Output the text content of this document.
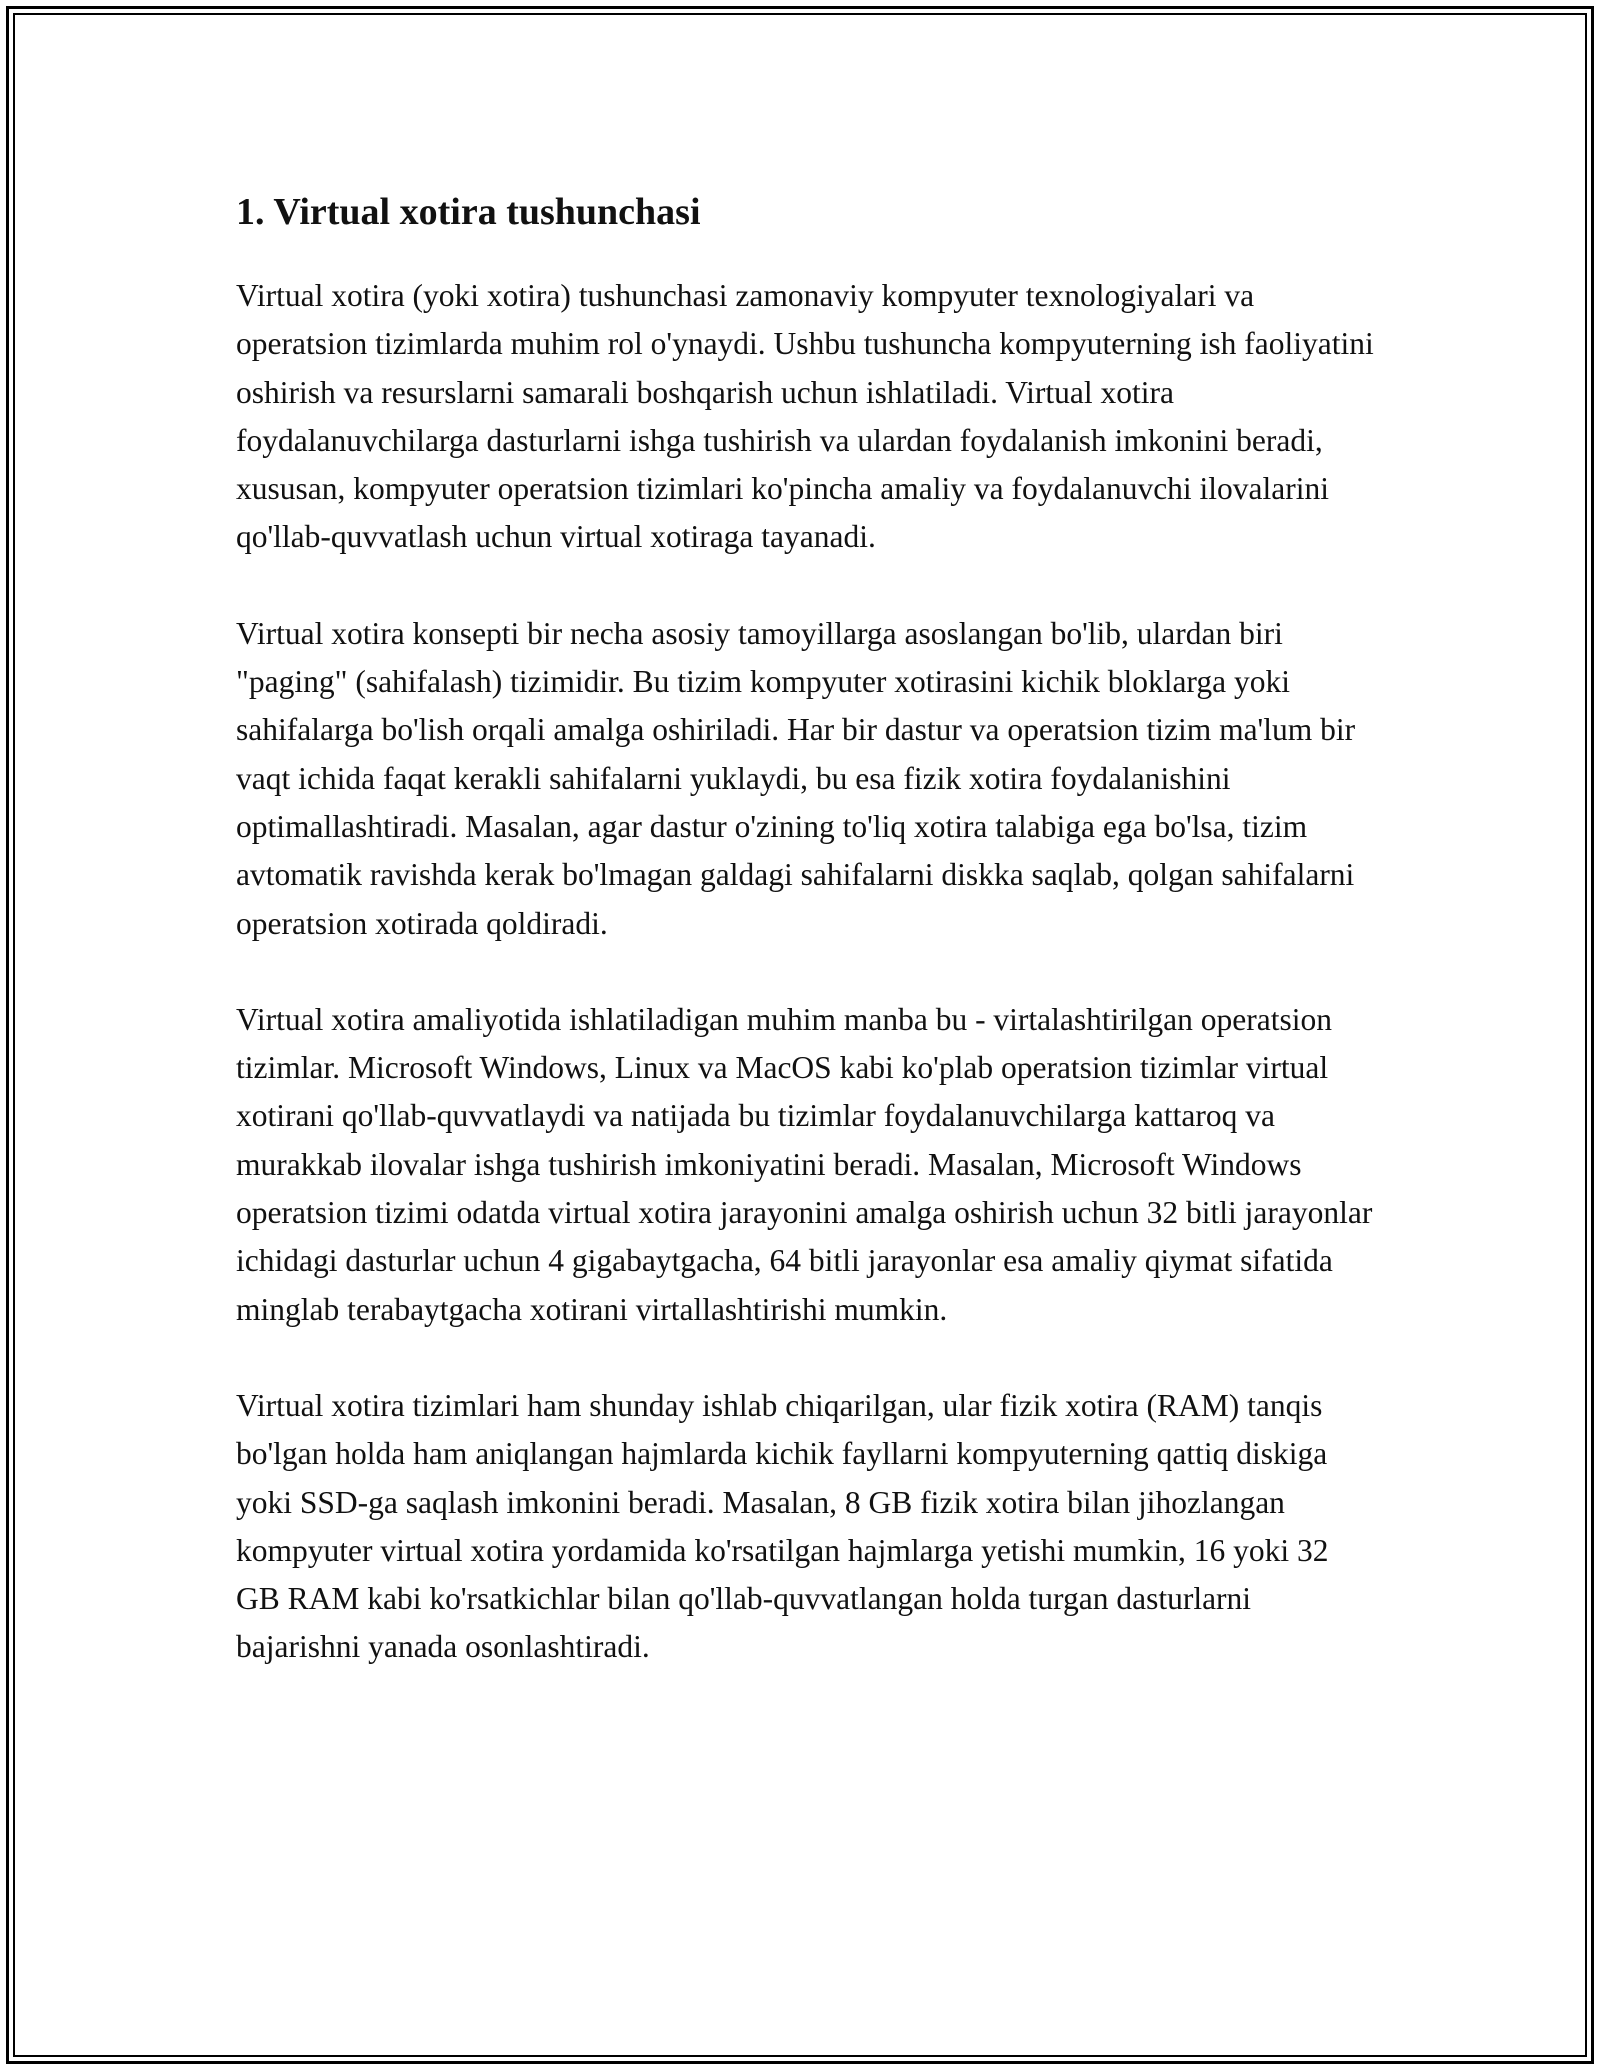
1. Virtual xotira tushunchasi

Virtual xotira (yoki xotira) tushunchasi zamonaviy kompyuter texnologiyalari va operatsion tizimlarda muhim rol o'ynaydi. Ushbu tushuncha kompyuterning ish faoliyatini oshirish va resurslarni samarali boshqarish uchun ishlatiladi. Virtual xotira foydalanuvchilarga dasturlarni ishga tushirish va ulardan foydalanish imkonini beradi, xususan, kompyuter operatsion tizimlari ko'pincha amaliy va foydalanuvchi ilovalarini qo'llab-quvvatlash uchun virtual xotiraga tayanadi.

Virtual xotira konsepti bir necha asosiy tamoyillarga asoslangan bo'lib, ulardan biri "paging" (sahifalash) tizimidir. Bu tizim kompyuter xotirasini kichik bloklarga yoki sahifalarga bo'lish orqali amalga oshiriladi. Har bir dastur va operatsion tizim ma'lum bir vaqt ichida faqat kerakli sahifalarni yuklaydi, bu esa fizik xotira foydalanishini optimallashtiradi. Masalan, agar dastur o'zining to'liq xotira talabiga ega bo'lsa, tizim avtomatik ravishda kerak bo'lmagan galdagi sahifalarni diskka saqlab, qolgan sahifalarni operatsion xotirada qoldiradi.

Virtual xotira amaliyotida ishlatiladigan muhim manba bu - virtalashtirilgan operatsion tizimlar. Microsoft Windows, Linux va MacOS kabi ko'plab operatsion tizimlar virtual xotirani qo'llab-quvvatlaydi va natijada bu tizimlar foydalanuvchilarga kattaroq va murakkab ilovalar ishga tushirish imkoniyatini beradi. Masalan, Microsoft Windows operatsion tizimi odatda virtual xotira jarayonini amalga oshirish uchun 32 bitli jarayonlar ichidagi dasturlar uchun 4 gigabaytgacha, 64 bitli jarayonlar esa amaliy qiymat sifatida minglab terabaytgacha xotirani virtallashtirishi mumkin.

Virtual xotira tizimlari ham shunday ishlab chiqarilgan, ular fizik xotira (RAM) tanqis bo'lgan holda ham aniqlangan hajmlarda kichik fayllarni kompyuterning qattiq diskiga yoki SSD-ga saqlash imkonini beradi. Masalan, 8 GB fizik xotira bilan jihozlangan kompyuter virtual xotira yordamida ko'rsatilgan hajmlarga yetishi mumkin, 16 yoki 32 GB RAM kabi ko'rsatkichlar bilan qo'llab-quvvatlangan holda turgan dasturlarni bajarishni yanada osonlashtiradi.
